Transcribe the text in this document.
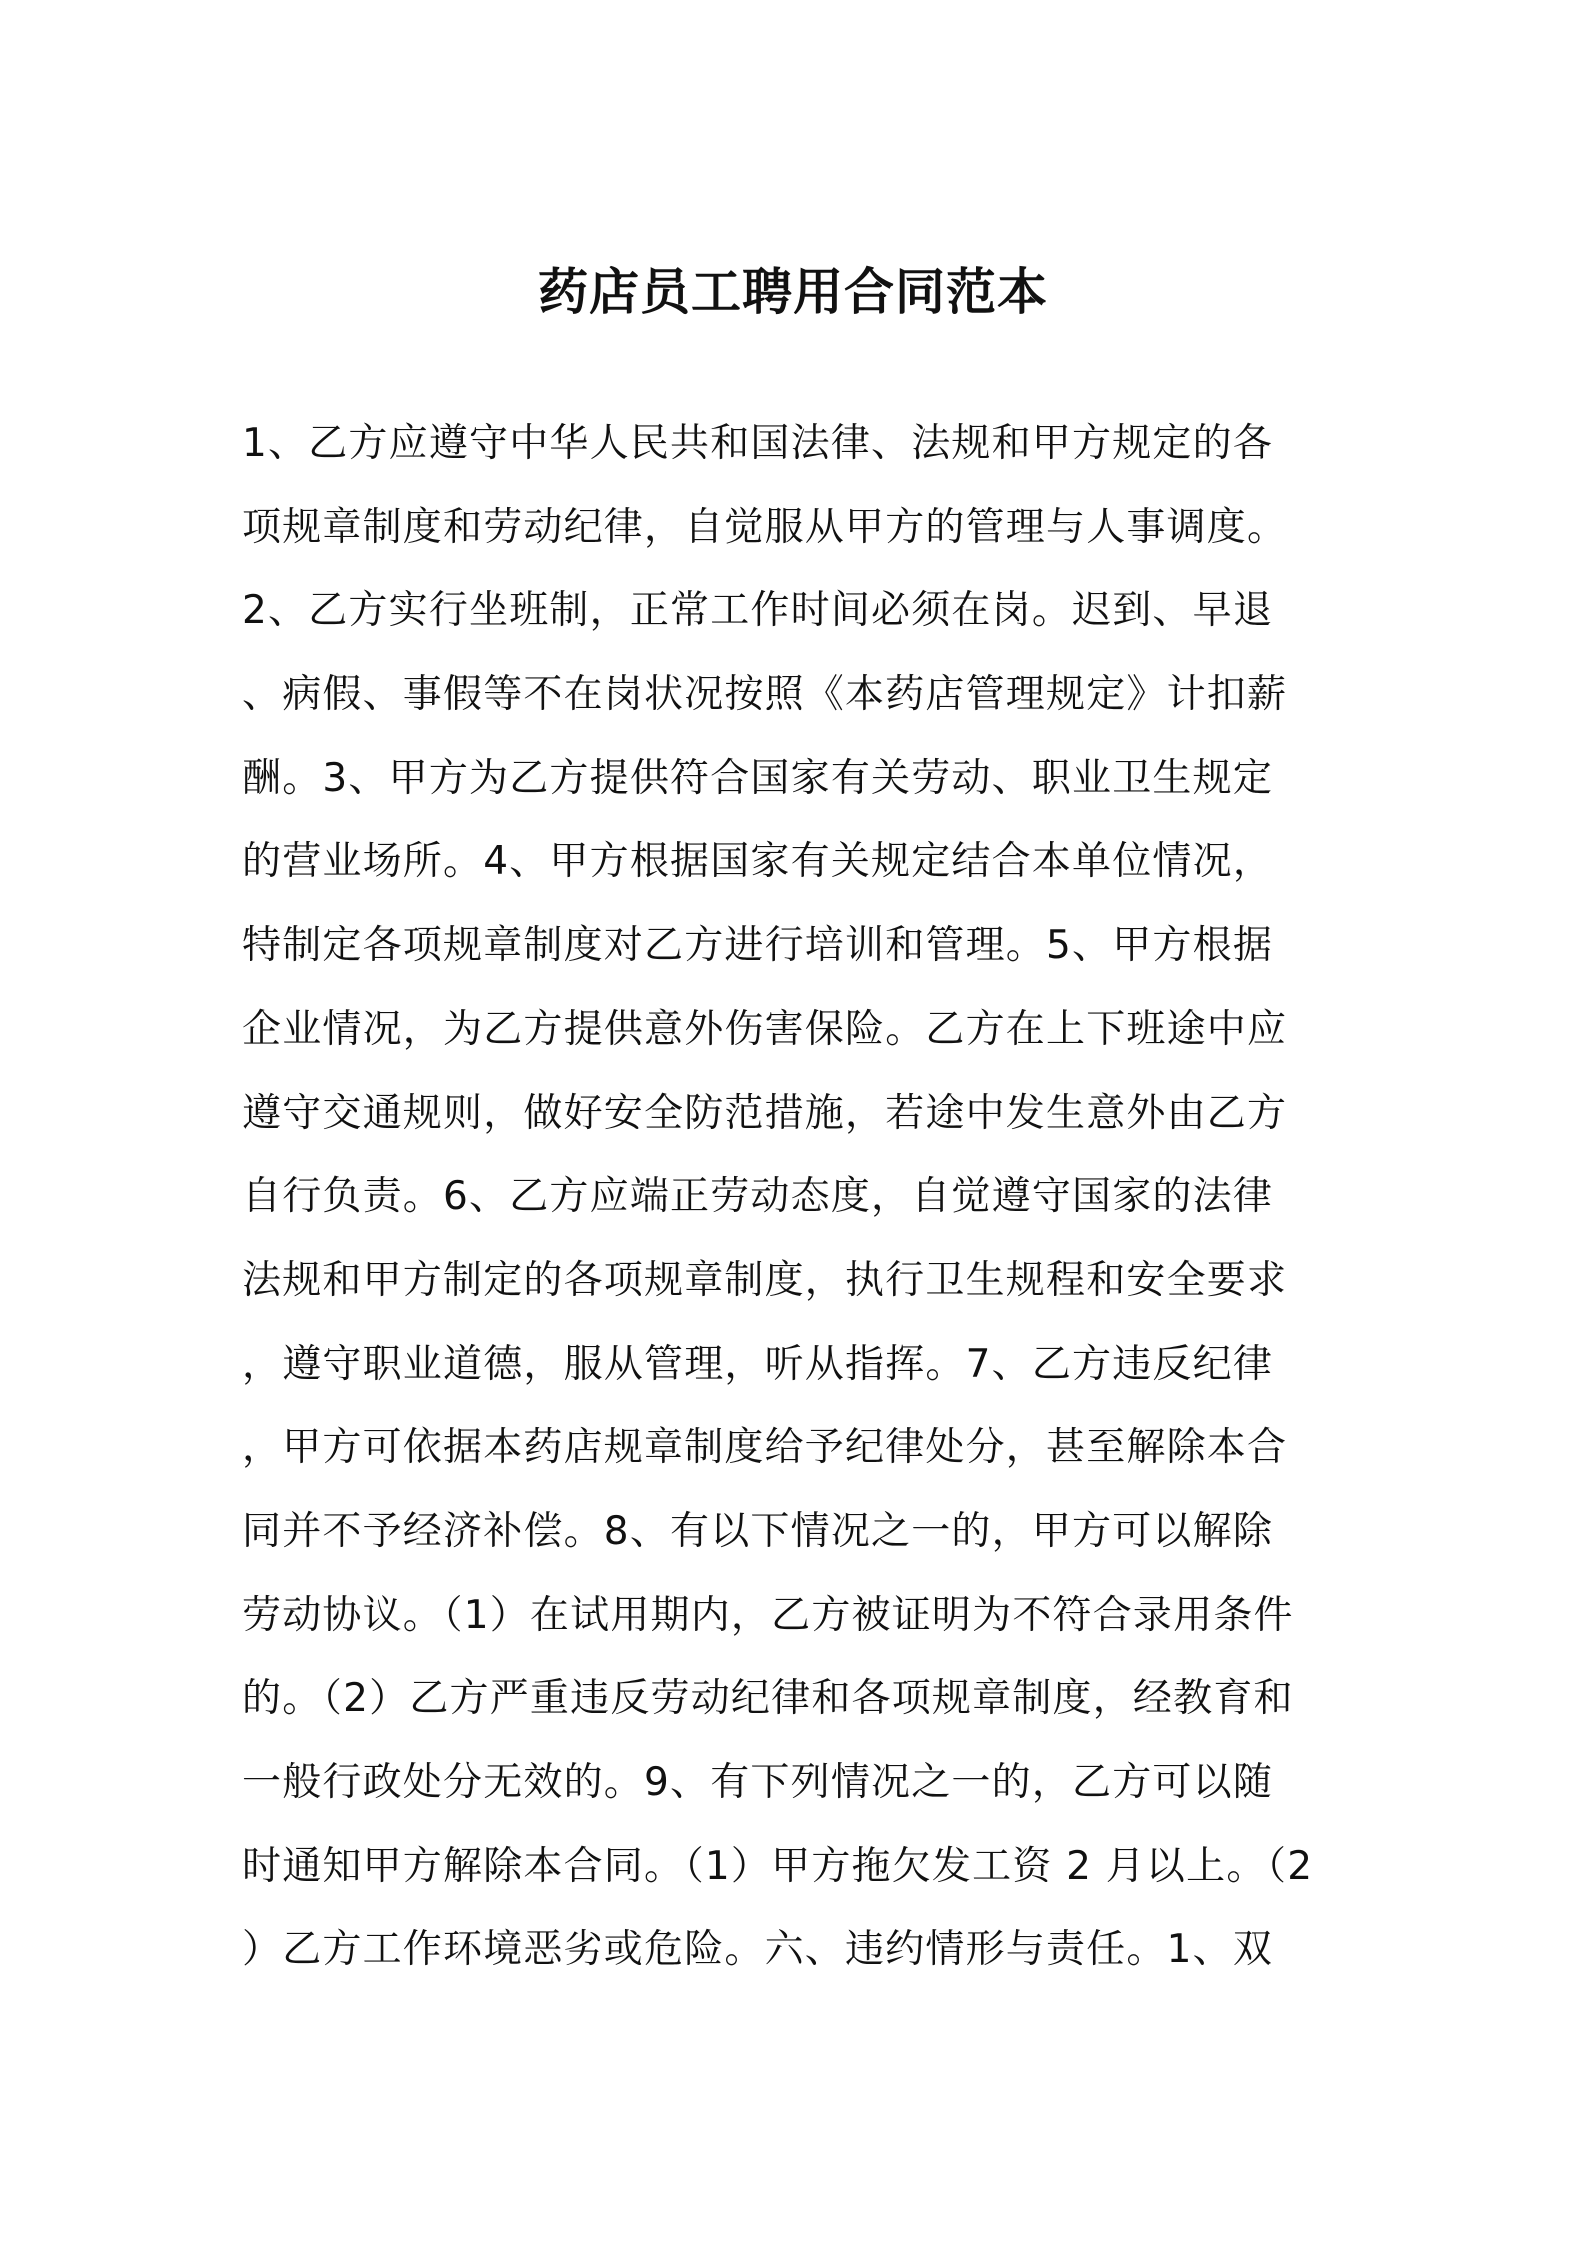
药店员工聘用合同范本
1、乙方应遵守中华人民共和国法律、法规和甲方规定的各
项规章制度和劳动纪律，自觉服从甲方的管理与人事调度。
2、乙方实行坐班制，正常工作时间必须在岗。迟到、早退
、病假、事假等不在岗状况按照《本药店管理规定》计扣薪
酬。3、甲方为乙方提供符合国家有关劳动、职业卫生规定
的营业场所。4、甲方根据国家有关规定结合本单位情况，
特制定各项规章制度对乙方进行培训和管理。5、甲方根据
企业情况，为乙方提供意外伤害保险。乙方在上下班途中应
遵守交通规则，做好安全防范措施，若途中发生意外由乙方
自行负责。6、乙方应端正劳动态度，自觉遵守国家的法律
法规和甲方制定的各项规章制度，执行卫生规程和安全要求
，遵守职业道德，服从管理，听从指挥。7、乙方违反纪律
，甲方可依据本药店规章制度给予纪律处分，甚至解除本合
同并不予经济补偿。8、有以下情况之一的，甲方可以解除
劳动协议。（1）在试用期内，乙方被证明为不符合录用条件
的。（2）乙方严重违反劳动纪律和各项规章制度，经教育和
一般行政处分无效的。9、有下列情况之一的，乙方可以随
时通知甲方解除本合同。（1）甲方拖欠发工资 2 月以上。（2
）乙方工作环境恶劣或危险。六、违约情形与责任。1、双
